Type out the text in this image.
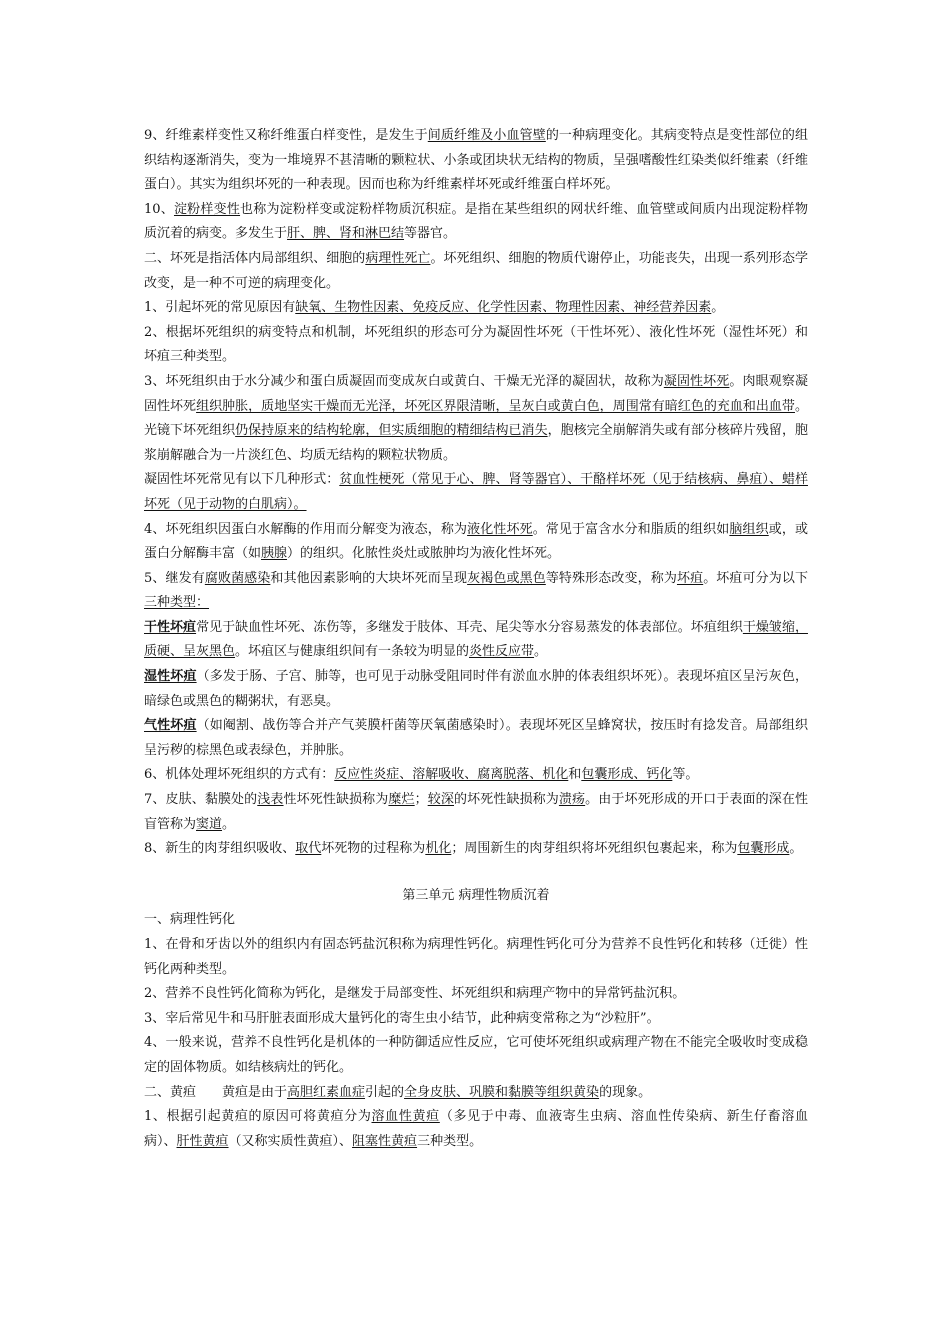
9、纤维素样变性又称纤维蛋白样变性，是发生于间质纤维及小血管壁的一种病理变化。其病变特点是变性部位的组织结构逐渐消失，变为一堆境界不甚清晰的颗粒状、小条或团块状无结构的物质，呈强嗜酸性红染类似纤维素（纤维蛋白）。其实为组织坏死的一种表现。因而也称为纤维素样坏死或纤维蛋白样坏死。

10、淀粉样变性也称为淀粉样变或淀粉样物质沉积症。是指在某些组织的网状纤维、血管壁或间质内出现淀粉样物质沉着的病变。多发生于肝、脾、肾和淋巴结等器官。

二、坏死是指活体内局部组织、细胞的病理性死亡。坏死组织、细胞的物质代谢停止，功能丧失，出现一系列形态学改变，是一种不可逆的病理变化。

1、引起坏死的常见原因有缺氧、生物性因素、免疫反应、化学性因素、物理性因素、神经营养因素。

2、根据坏死组织的病变特点和机制，坏死组织的形态可分为凝固性坏死（干性坏死）、液化性坏死（湿性坏死）和坏疽三种类型。

3、坏死组织由于水分减少和蛋白质凝固而变成灰白或黄白、干燥无光泽的凝固状，故称为凝固性坏死。肉眼观察凝固性坏死组织肿胀，质地坚实干燥而无光泽，坏死区界限清晰，呈灰白或黄白色，周围常有暗红色的充血和出血带。光镜下坏死组织仍保持原来的结构轮廓，但实质细胞的精细结构已消失，胞核完全崩解消失或有部分核碎片残留，胞浆崩解融合为一片淡红色、均质无结构的颗粒状物质。

凝固性坏死常见有以下几种形式：贫血性梗死（常见于心、脾、肾等器官）、干酪样坏死（见于结核病、鼻疽）、蜡样坏死（见于动物的白肌病）。

4、坏死组织因蛋白水解酶的作用而分解变为液态，称为液化性坏死。常见于富含水分和脂质的组织如脑组织或，或蛋白分解酶丰富（如胰腺）的组织。化脓性炎灶或脓肿均为液化性坏死。

5、继发有腐败菌感染和其他因素影响的大块坏死而呈现灰褐色或黑色等特殊形态改变，称为坏疽。坏疽可分为以下三种类型：

干性坏疽常见于缺血性坏死、冻伤等，多继发于肢体、耳壳、尾尖等水分容易蒸发的体表部位。坏疽组织干燥皱缩，质硬、呈灰黑色。坏疽区与健康组织间有一条较为明显的炎性反应带。

湿性坏疽（多发于肠、子宫、肺等，也可见于动脉受阻同时伴有淤血水肿的体表组织坏死）。表现坏疽区呈污灰色，暗绿色或黑色的糊粥状，有恶臭。

气性坏疽（如阉割、战伤等合并产气荚膜杆菌等厌氧菌感染时）。表现坏死区呈蜂窝状，按压时有捻发音。局部组织呈污秽的棕黑色或表绿色，并肿胀。

6、机体处理坏死组织的方式有：反应性炎症、溶解吸收、腐离脱落、机化和包囊形成、钙化等。

7、皮肤、黏膜处的浅表性坏死性缺损称为糜烂；较深的坏死性缺损称为溃疡。由于坏死形成的开口于表面的深在性盲管称为窦道。

8、新生的肉芽组织吸收、取代坏死物的过程称为机化；周围新生的肉芽组织将坏死组织包裹起来，称为包囊形成。

第三单元 病理性物质沉着

一、病理性钙化

1、在骨和牙齿以外的组织内有固态钙盐沉积称为病理性钙化。病理性钙化可分为营养不良性钙化和转移（迁徙）性钙化两种类型。

2、营养不良性钙化简称为钙化，是继发于局部变性、坏死组织和病理产物中的异常钙盐沉积。

3、宰后常见牛和马肝脏表面形成大量钙化的寄生虫小结节，此种病变常称之为“沙粒肝”。

4、一般来说，营养不良性钙化是机体的一种防御适应性反应，它可使坏死组织或病理产物在不能完全吸收时变成稳定的固体物质。如结核病灶的钙化。

二、黄疸　　黄疸是由于高胆红素血症引起的全身皮肤、巩膜和黏膜等组织黄染的现象。

1、根据引起黄疸的原因可将黄疸分为溶血性黄疸（多见于中毒、血液寄生虫病、溶血性传染病、新生仔畜溶血病）、肝性黄疸（又称实质性黄疸）、阻塞性黄疸三种类型。
